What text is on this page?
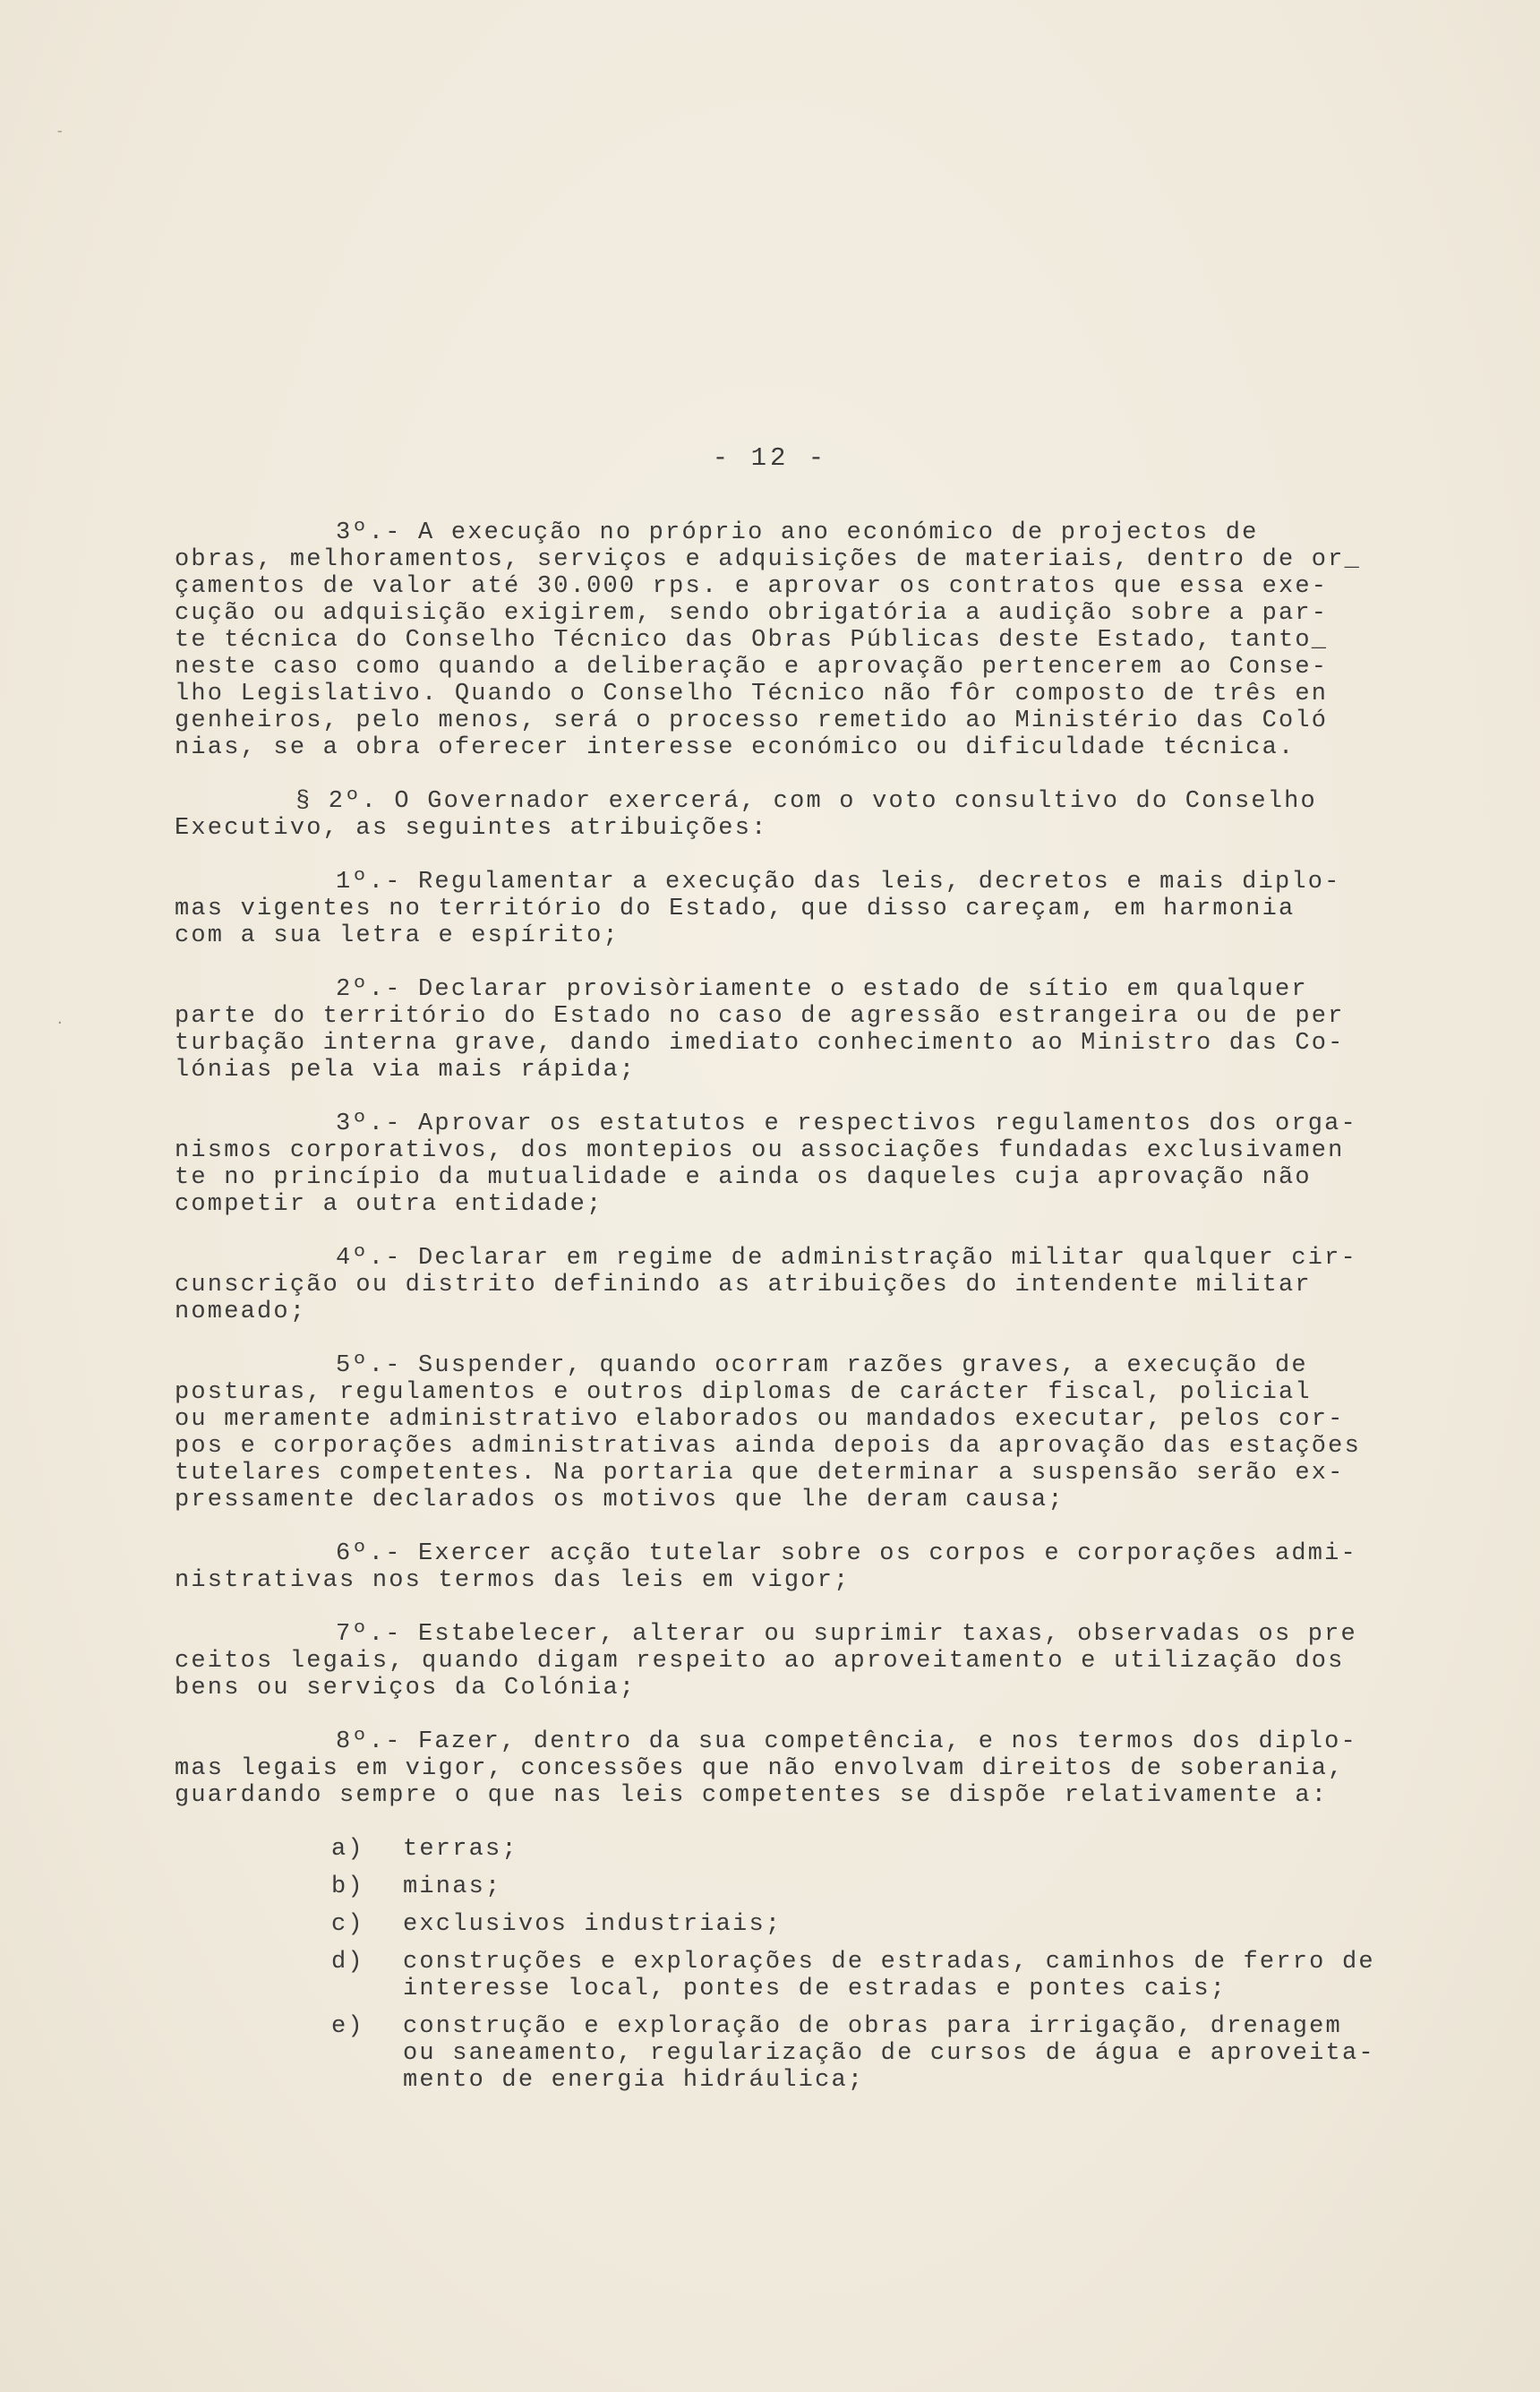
-
·
- 12 -
3º.- A execução no próprio ano económico de projectos de
obras, melhoramentos, serviços e adquisições de materiais, dentro de or_
çamentos de valor até 30.000 rps. e aprovar os contratos que essa exe-
cução ou adquisição exigirem, sendo obrigatória a audição sobre a par-
te técnica do Conselho Técnico das Obras Públicas deste Estado, tanto_
neste caso como quando a deliberação e aprovação pertencerem ao Conse-
lho Legislativo. Quando o Conselho Técnico não fôr composto de três en
genheiros, pelo menos, será o processo remetido ao Ministério das Coló
nias, se a obra oferecer interesse económico ou dificuldade técnica.
§ 2º. O Governador exercerá, com o voto consultivo do Conselho
Executivo, as seguintes atribuições:
1º.- Regulamentar a execução das leis, decretos e mais diplo-
mas vigentes no território do Estado, que disso careçam, em harmonia
com a sua letra e espírito;
2º.- Declarar provisòriamente o estado de sítio em qualquer
parte do território do Estado no caso de agressão estrangeira ou de per
turbação interna grave, dando imediato conhecimento ao Ministro das Co-
lónias pela via mais rápida;
3º.- Aprovar os estatutos e respectivos regulamentos dos orga-
nismos corporativos, dos montepios ou associações fundadas exclusivamen
te no princípio da mutualidade e ainda os daqueles cuja aprovação não
competir a outra entidade;
4º.- Declarar em regime de administração militar qualquer cir-
cunscrição ou distrito definindo as atribuições do intendente militar
nomeado;
5º.- Suspender, quando ocorram razões graves, a execução de
posturas, regulamentos e outros diplomas de carácter fiscal, policial
ou meramente administrativo elaborados ou mandados executar, pelos cor-
pos e corporações administrativas ainda depois da aprovação das estações
tutelares competentes. Na portaria que determinar a suspensão serão ex-
pressamente declarados os motivos que lhe deram causa;
6º.- Exercer acção tutelar sobre os corpos e corporações admi-
nistrativas nos termos das leis em vigor;
7º.- Estabelecer, alterar ou suprimir taxas, observadas os pre
ceitos legais, quando digam respeito ao aproveitamento e utilização dos
bens ou serviços da Colónia;
8º.- Fazer, dentro da sua competência, e nos termos dos diplo-
mas legais em vigor, concessões que não envolvam direitos de soberania,
guardando sempre o que nas leis competentes se dispõe relativamente a:
a)	terras;
b)	minas;
c)	exclusivos industriais;
d)	construções e explorações de estradas, caminhos de ferro de
interesse local, pontes de estradas e pontes cais;
e)	construção e exploração de obras para irrigação, drenagem
ou saneamento, regularização de cursos de água e aproveita-
mento de energia hidráulica;
